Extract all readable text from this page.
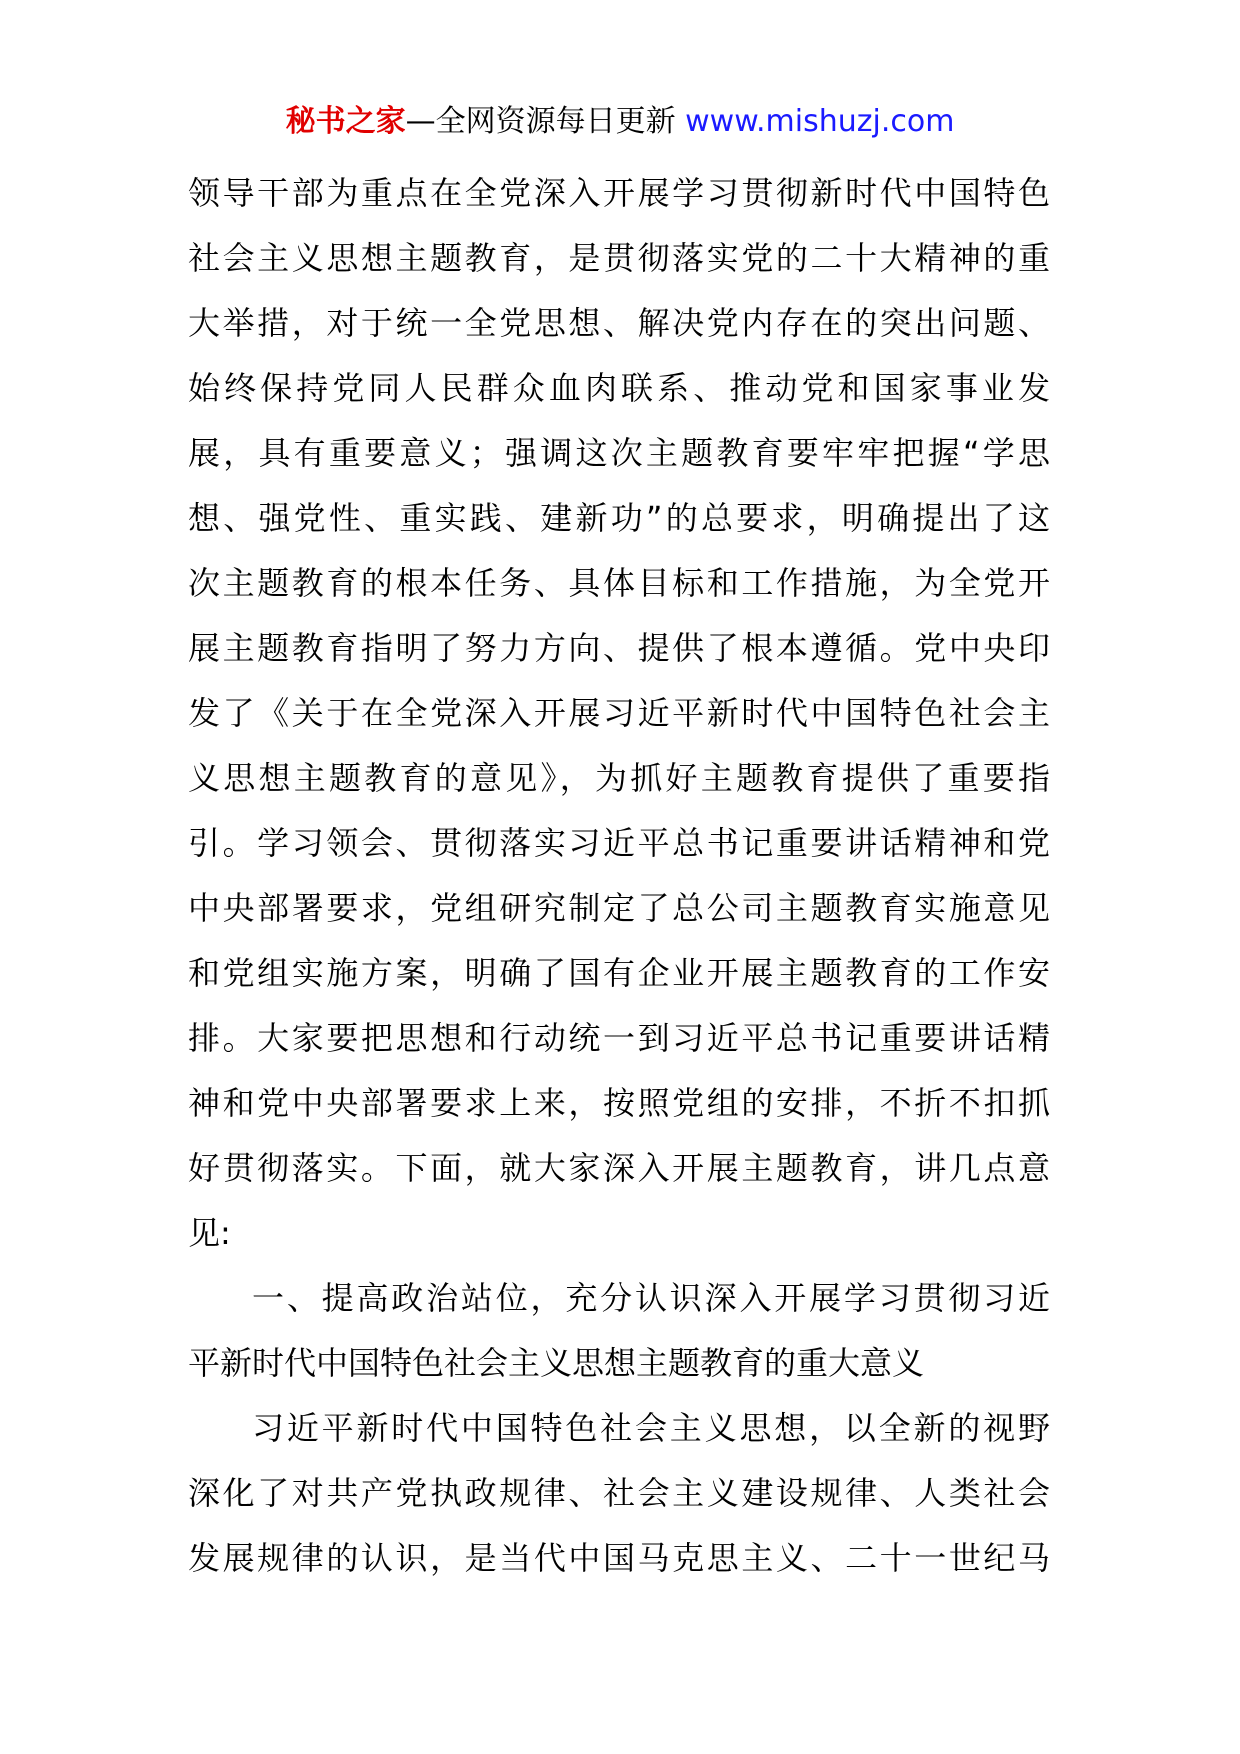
秘书之家—全网资源每日更新 www.mishuzj.com
领导干部为重点在全党深入开展学习贯彻新时代中国特色
社会主义思想主题教育，是贯彻落实党的二十大精神的重
大举措，对于统一全党思想、解决党内存在的突出问题、
始终保持党同人民群众血肉联系、推动党和国家事业发
展，具有重要意义；强调这次主题教育要牢牢把握“学思
想、强党性、重实践、建新功”的总要求，明确提出了这
次主题教育的根本任务、具体目标和工作措施，为全党开
展主题教育指明了努力方向、提供了根本遵循。党中央印
发了《关于在全党深入开展习近平新时代中国特色社会主
义思想主题教育的意见》，为抓好主题教育提供了重要指
引。学习领会、贯彻落实习近平总书记重要讲话精神和党
中央部署要求，党组研究制定了总公司主题教育实施意见
和党组实施方案，明确了国有企业开展主题教育的工作安
排。大家要把思想和行动统一到习近平总书记重要讲话精
神和党中央部署要求上来，按照党组的安排，不折不扣抓
好贯彻落实。下面，就大家深入开展主题教育，讲几点意
见:
一、提高政治站位，充分认识深入开展学习贯彻习近
平新时代中国特色社会主义思想主题教育的重大意义
习近平新时代中国特色社会主义思想，以全新的视野
深化了对共产党执政规律、社会主义建设规律、人类社会
发展规律的认识，是当代中国马克思主义、二十一世纪马
